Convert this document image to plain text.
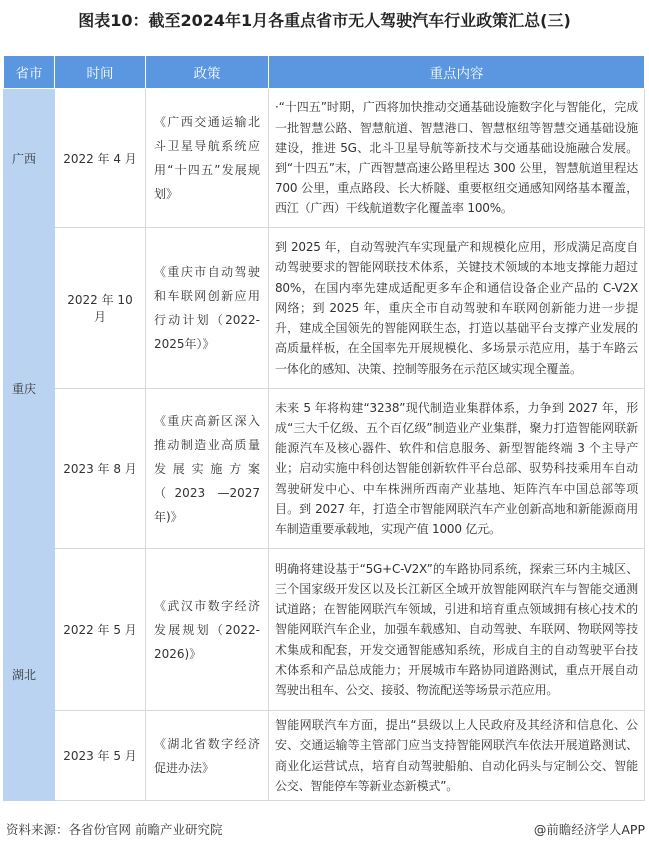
图表10：截至2024年1月各重点省市无人驾驶汽车行业政策汇总(三)
省市	时间	政策	重点内容
广西	2022 年 4 月	《广西交通运输北斗卫星导航系统应用“十四五”发展规划》	·“十四五”时期，广西将加快推动交通基础设施数字化与智能化，完成一批智慧公路、智慧航道、智慧港口、智慧枢纽等智慧交通基础设施建设，推进 5G、北斗卫星导航等新技术与交通基础设施融合发展。到“十四五”末，广西智慧高速公路里程达 300 公里，智慧航道里程达 700 公里，重点路段、长大桥隧、重要枢纽交通感知网络基本覆盖，西江（广西）干线航道数字化覆盖率 100%。
重庆	2022 年 10 月	《重庆市自动驾驶和车联网创新应用行动计划（2022-2025年）》	到 2025 年，自动驾驶汽车实现量产和规模化应用，形成满足高度自动驾驶要求的智能网联技术体系，关键技术领域的本地支撑能力超过80%，在国内率先建成适配更多车企和通信设备企业产品的 C-V2X 网络；到 2025 年，重庆全市自动驾驶和车联网创新能力进一步提升，建成全国领先的智能网联生态，打造以基础平台支撑产业发展的高质量样板，在全国率先开展规模化、多场景示范应用，基于车路云一体化的感知、决策、控制等服务在示范区域实现全覆盖。
	2023 年 8 月	《重庆高新区深入推动制造业高质量发展实施方案（2023 —2027 年)》	未来 5 年将构建“3238”现代制造业集群体系，力争到 2027 年，形成“三大千亿级、五个百亿级”制造业产业集群，聚力打造智能网联新能源汽车及核心器件、软件和信息服务、新型智能终端 3 个主导产业；启动实施中科创达智能创新软件平台总部、驭势科技乘用车自动驾驶研发中心、中车株洲所西南产业基地、矩阵汽车中国总部等项目。到 2027 年，打造全市智能网联汽车产业创新高地和新能源商用车制造重要承载地，实现产值 1000 亿元。
湖北	2022 年 5 月	《武汉市数字经济发展规划（2022-2026)》	明确将建设基于“5G+C-V2X”的车路协同系统，探索三环内主城区、三个国家级开发区以及长江新区全域开放智能网联汽车与智能交通测试道路；在智能网联汽车领域，引进和培育重点领域拥有核心技术的智能网联汽车企业，加强车载感知、自动驾驶、车联网、物联网等技术集成和配套，开发交通智能感知系统，形成自主的自动驾驶平台技术体系和产品总成能力；开展城市车路协同道路测试，重点开展自动驾驶出租车、公交、接驳、物流配送等场景示范应用。
	2023 年 5 月	《湖北省数字经济促进办法》	智能网联汽车方面，提出“县级以上人民政府及其经济和信息化、公安、交通运输等主管部门应当支持智能网联汽车依法开展道路测试、商业化运营试点，培育自动驾驶船舶、自动化码头与定制公交、智能公交、智能停车等新业态新模式”。
资料来源：各省份官网 前瞻产业研究院	@前瞻经济学人APP
